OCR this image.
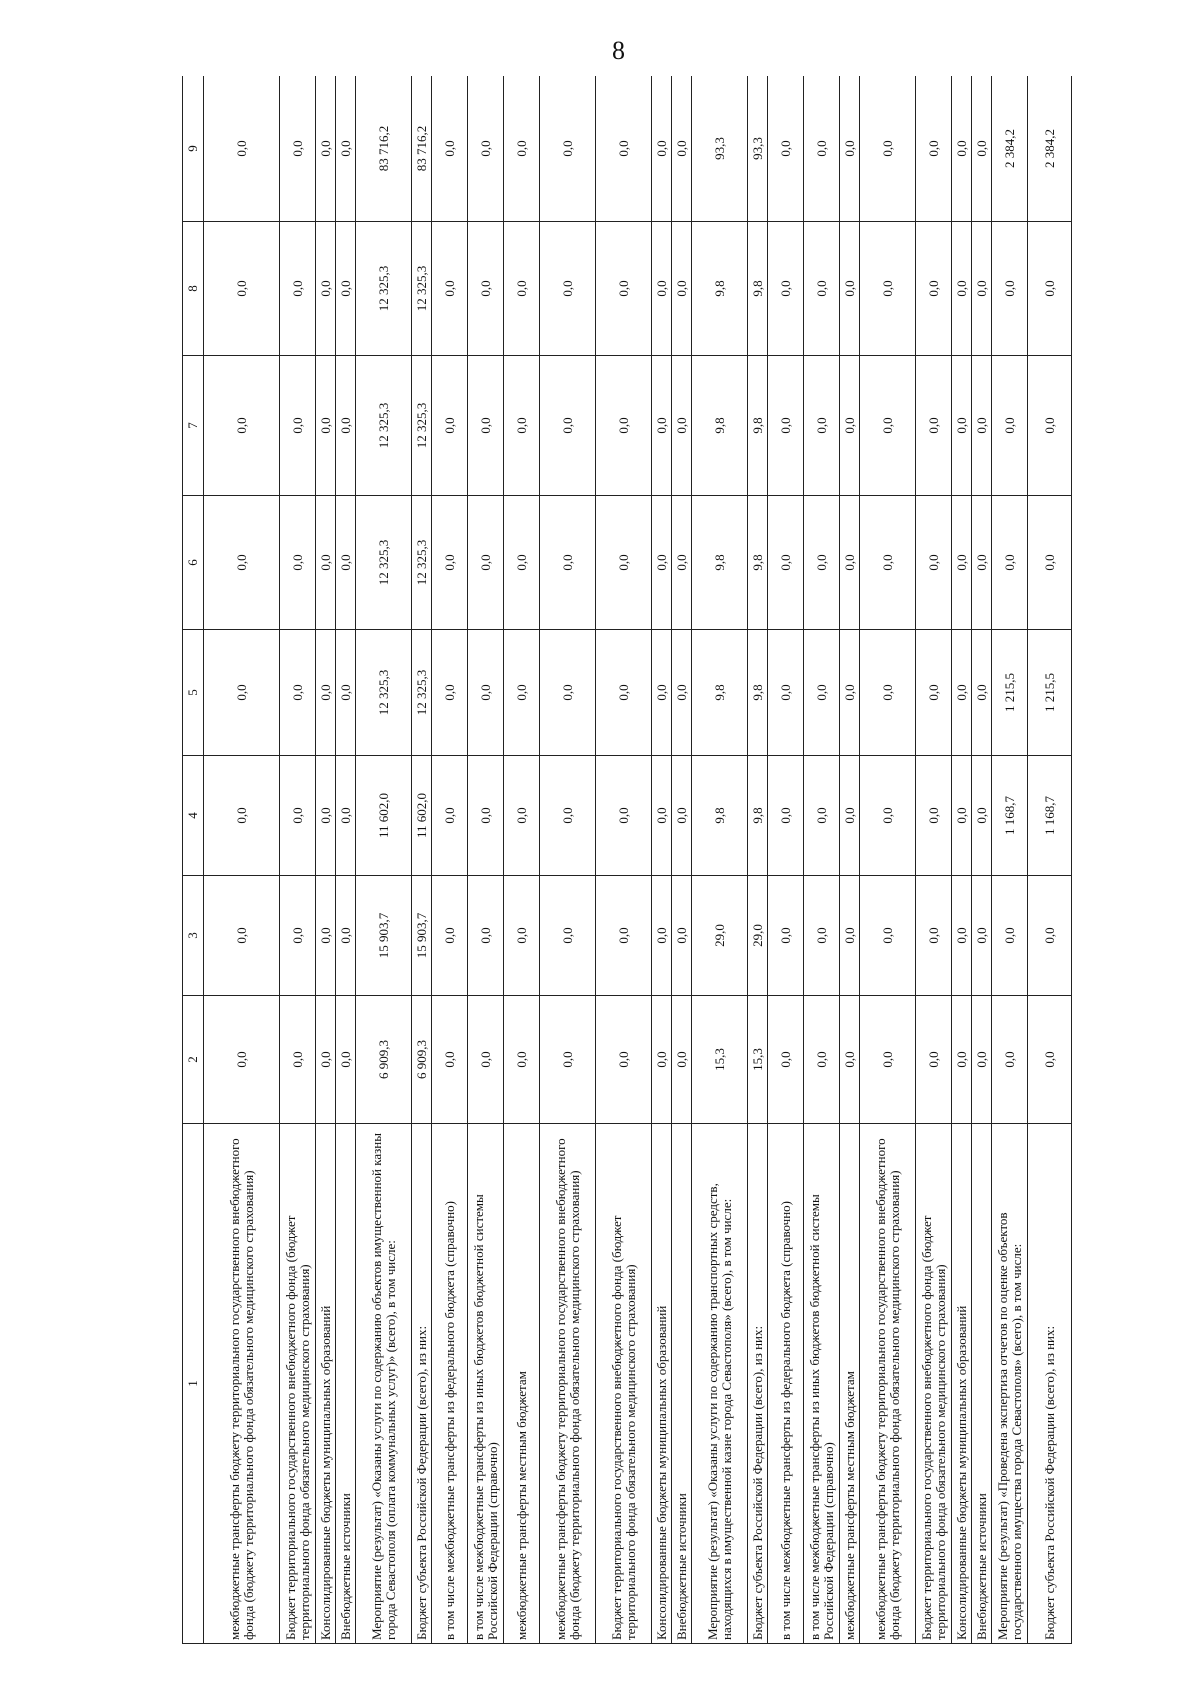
8
1	2	3	4	5	6	7	8	9
межбюджетные трансферты бюджету территориального государственного внебюджетного фонда (бюджету территориального фонда обязательного медицинского страхования)	0,0	0,0	0,0	0,0	0,0	0,0	0,0	0,0
Бюджет территориального государственного внебюджетного фонда (бюджет территориального фонда обязательного медицинского страхования)	0,0	0,0	0,0	0,0	0,0	0,0	0,0	0,0
Консолидированные бюджеты муниципальных образований	0,0	0,0	0,0	0,0	0,0	0,0	0,0	0,0
Внебюджетные источники	0,0	0,0	0,0	0,0	0,0	0,0	0,0	0,0
Мероприятие (результат) «Оказаны услуги по содержанию объектов имущественной казны города Севастополя (оплата коммунальных услуг)» (всего), в том числе:	6 909,3	15 903,7	11 602,0	12 325,3	12 325,3	12 325,3	12 325,3	83 716,2
Бюджет субъекта Российской Федерации (всего), из них:	6 909,3	15 903,7	11 602,0	12 325,3	12 325,3	12 325,3	12 325,3	83 716,2
в том числе межбюджетные трансферты из федерального бюджета (справочно)	0,0	0,0	0,0	0,0	0,0	0,0	0,0	0,0
в том числе межбюджетные трансферты из иных бюджетов бюджетной системы Российской Федерации (справочно)	0,0	0,0	0,0	0,0	0,0	0,0	0,0	0,0
межбюджетные трансферты местным бюджетам	0,0	0,0	0,0	0,0	0,0	0,0	0,0	0,0
межбюджетные трансферты бюджету территориального государственного внебюджетного фонда (бюджету территориального фонда обязательного медицинского страхования)	0,0	0,0	0,0	0,0	0,0	0,0	0,0	0,0
Бюджет территориального государственного внебюджетного фонда (бюджет территориального фонда обязательного медицинского страхования)	0,0	0,0	0,0	0,0	0,0	0,0	0,0	0,0
Консолидированные бюджеты муниципальных образований	0,0	0,0	0,0	0,0	0,0	0,0	0,0	0,0
Внебюджетные источники	0,0	0,0	0,0	0,0	0,0	0,0	0,0	0,0
Мероприятие (результат) «Оказаны услуги по содержанию транспортных средств, находящихся в имущественной казне города Севастополя» (всего), в том числе:	15,3	29,0	9,8	9,8	9,8	9,8	9,8	93,3
Бюджет субъекта Российской Федерации (всего), из них:	15,3	29,0	9,8	9,8	9,8	9,8	9,8	93,3
в том числе межбюджетные трансферты из федерального бюджета (справочно)	0,0	0,0	0,0	0,0	0,0	0,0	0,0	0,0
в том числе межбюджетные трансферты из иных бюджетов бюджетной системы Российской Федерации (справочно)	0,0	0,0	0,0	0,0	0,0	0,0	0,0	0,0
межбюджетные трансферты местным бюджетам	0,0	0,0	0,0	0,0	0,0	0,0	0,0	0,0
межбюджетные трансферты бюджету территориального государственного внебюджетного фонда (бюджету территориального фонда обязательного медицинского страхования)	0,0	0,0	0,0	0,0	0,0	0,0	0,0	0,0
Бюджет территориального государственного внебюджетного фонда (бюджет территориального фонда обязательного медицинского страхования)	0,0	0,0	0,0	0,0	0,0	0,0	0,0	0,0
Консолидированные бюджеты муниципальных образований	0,0	0,0	0,0	0,0	0,0	0,0	0,0	0,0
Внебюджетные источники	0,0	0,0	0,0	0,0	0,0	0,0	0,0	0,0
Мероприятие (результат) «Проведена экспертиза отчетов по оценке объектов государственного имущества города Севастополя» (всего), в том числе:	0,0	0,0	1 168,7	1 215,5	0,0	0,0	0,0	2 384,2
Бюджет субъекта Российской Федерации (всего), из них:	0,0	0,0	1 168,7	1 215,5	0,0	0,0	0,0	2 384,2
